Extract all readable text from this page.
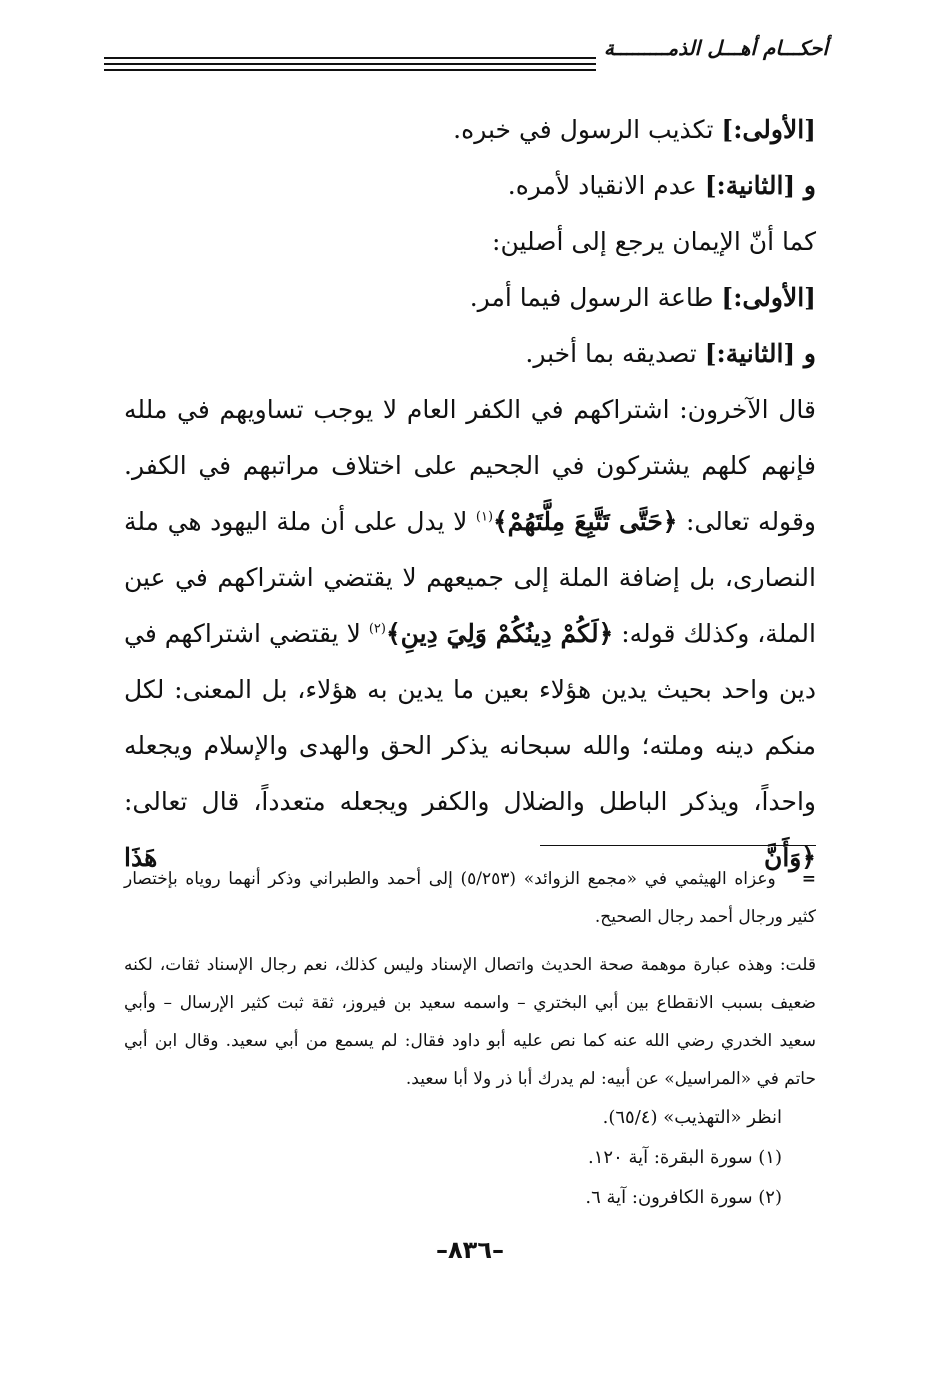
أحكـــام أهـــل الذمـــــــــة

[الأولى:] تكذيب الرسول في خبره.

و [الثانية:] عدم الانقياد لأمره.

كما أنّ الإيمان يرجع إلى أصلين:

[الأولى:] طاعة الرسول فيما أمر.

و [الثانية:] تصديقه بما أخبر.

قال الآخرون: اشتراكهم في الكفر العام لا يوجب تساويهم في ملله فإنهم كلهم يشتركون في الجحيم على اختلاف مراتبهم في الكفر. وقوله تعالى: ﴿حَتَّى تَتَّبِعَ مِلَّتَهُمْ﴾$^{(١)}$ لا يدل على أن ملة اليهود هي ملة النصارى، بل إضافة الملة إلى جميعهم لا يقتضي اشتراكهم في عين الملة، وكذلك قوله: ﴿لَكُمْ دِينُكُمْ وَلِيَ دِينِ﴾$^{(٢)}$ لا يقتضي اشتراكهم في دين واحد بحيث يدين هؤلاء بعين ما يدين به هؤلاء، بل المعنى: لكل منكم دينه وملته؛ والله سبحانه يذكر الحق والهدى والإسلام ويجعله واحداً، ويذكر الباطل والضلال والكفر ويجعله متعدداً، قال تعالى: ﴿وَأَنَّ هَذَا

=وعزاه الهيثمي في «مجمع الزوائد» (٥/٢٥٣) إلى أحمد والطبراني وذكر أنهما روياه بإختصار كثير ورجال أحمد رجال الصحيح.

قلت: وهذه عبارة موهمة صحة الحديث واتصال الإسناد وليس كذلك، نعم رجال الإسناد ثقات، لكنه ضعيف بسبب الانقطاع بين أبي البختري – واسمه سعيد بن فيروز، ثقة ثبت كثير الإرسال – وأبي سعيد الخدري رضي الله عنه كما نص عليه أبو داود فقال: لم يسمع من أبي سعيد. وقال ابن أبي حاتم في «المراسيل» عن أبيه: لم يدرك أبا ذر ولا أبا سعيد.

انظر «التهذيب» (٦٥/٤).

(١) سورة البقرة: آية ١٢٠.

(٢) سورة الكافرون: آية ٦.

–٨٣٦–
